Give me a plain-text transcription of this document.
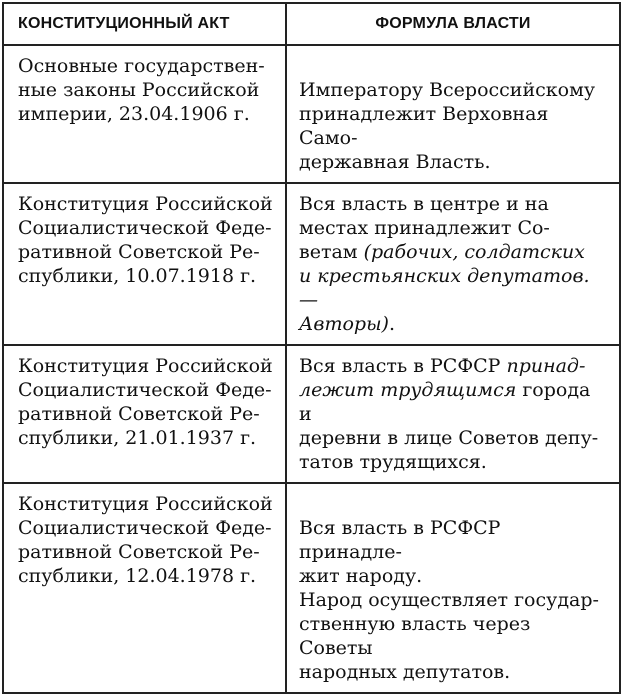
КОНСТИТУЦИОННЫЙ АКТ	ФОРМУЛА ВЛАСТИ
Основные государствен-
ные законы Российской
империи, 23.04.1906 г.	Императору Всероссийскому
принадлежит Верховная Само-
державная Власть.

Конституция Российской
Социалистической Феде-
ративной Советской Ре-
спублики, 10.07.1918 г.	Вся власть в центре и на
местах принадлежит Со-
ветам (рабочих, солдатских
и крестьянских депутатов. —
Авторы).
Конституция Российской
Социалистической Феде-
ративной Советской Ре-
спублики, 21.01.1937 г.	Вся власть в РСФСР принад-
лежит трудящимся города и
деревни в лице Советов депу-
татов трудящихся.
Конституция Российской
Социалистической Феде-
ративной Советской Ре-
спублики, 12.04.1978 г.	Вся власть в РСФСР принадле-
жит народу.
Народ осуществляет государ-
ственную власть через Советы
народных депутатов.
